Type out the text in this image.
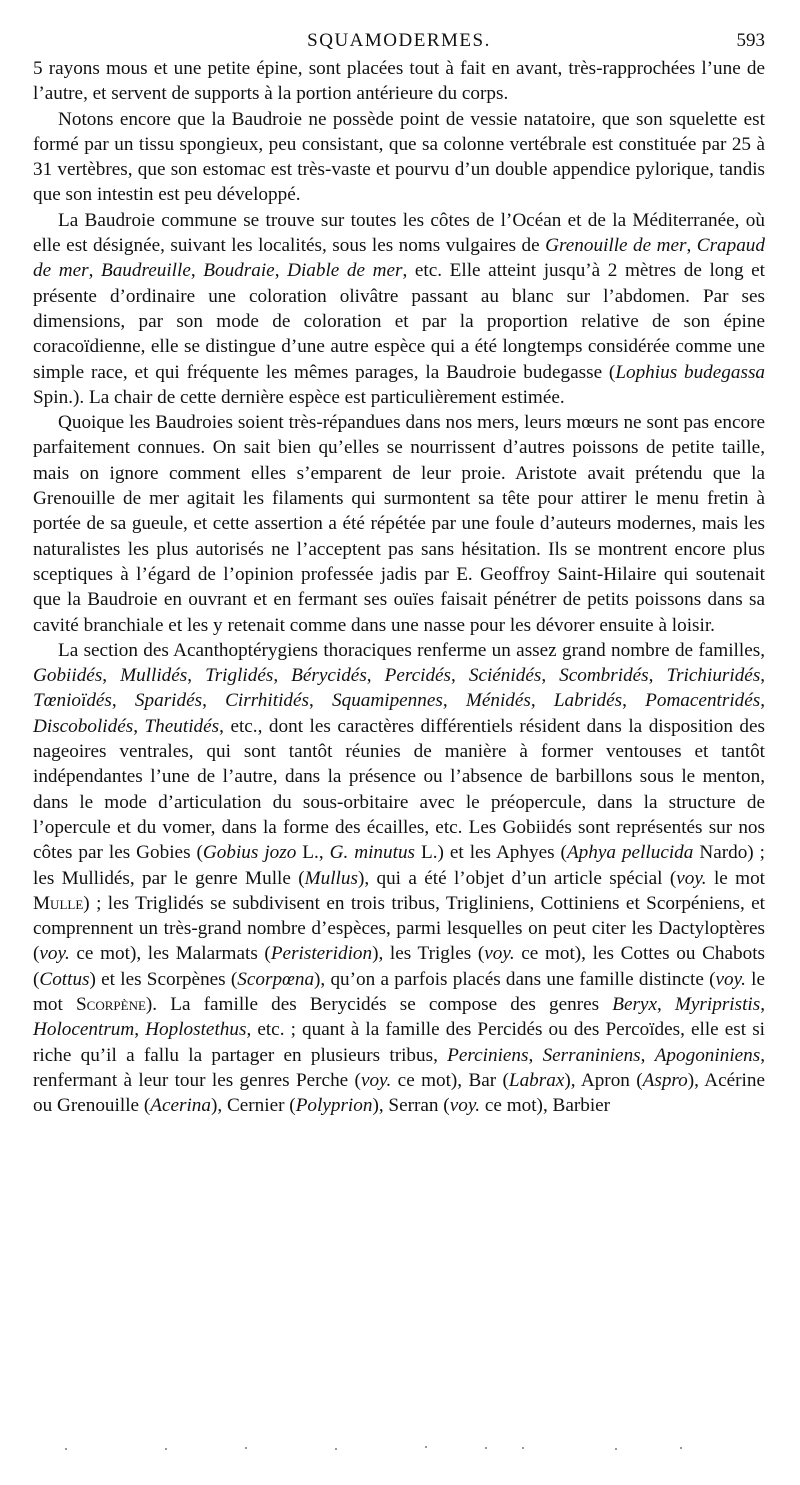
SQUAMODERMES.	593

5 rayons mous et une petite épine, sont placées tout à fait en avant, très-rapprochées l’une de l’autre, et servent de supports à la portion antérieure du corps.

Notons encore que la Baudroie ne possède point de vessie natatoire, que son squelette est formé par un tissu spongieux, peu consistant, que sa colonne vertébrale est constituée par 25 à 31 vertèbres, que son estomac est très-vaste et pourvu d’un double appendice pylorique, tandis que son intestin est peu développé.

La Baudroie commune se trouve sur toutes les côtes de l’Océan et de la Méditerranée, où elle est désignée, suivant les localités, sous les noms vulgaires de Grenouille de mer, Crapaud de mer, Baudreuille, Boudraie, Diable de mer, etc. Elle atteint jusqu’à 2 mètres de long et présente d’ordinaire une coloration olivâtre passant au blanc sur l’abdomen. Par ses dimensions, par son mode de coloration et par la proportion relative de son épine coracoïdienne, elle se distingue d’une autre espèce qui a été longtemps considérée comme une simple race, et qui fréquente les mêmes parages, la Baudroie budegasse (Lophius budegassa Spin.). La chair de cette dernière espèce est particulièrement estimée.

Quoique les Baudroies soient très-répandues dans nos mers, leurs mœurs ne sont pas encore parfaitement connues. On sait bien qu’elles se nourrissent d’autres poissons de petite taille, mais on ignore comment elles s’emparent de leur proie. Aristote avait prétendu que la Grenouille de mer agitait les filaments qui surmontent sa tête pour attirer le menu fretin à portée de sa gueule, et cette assertion a été répétée par une foule d’auteurs modernes, mais les naturalistes les plus autorisés ne l’acceptent pas sans hésitation. Ils se montrent encore plus sceptiques à l’égard de l’opinion professée jadis par E. Geoffroy Saint-Hilaire qui soutenait que la Baudroie en ouvrant et en fermant ses ouïes faisait pénétrer de petits poissons dans sa cavité branchiale et les y retenait comme dans une nasse pour les dévorer ensuite à loisir.

La section des Acanthoptérygiens thoraciques renferme un assez grand nombre de familles, Gobiidés, Mullidés, Triglidés, Bérycidés, Percidés, Sciénidés, Scombridés, Trichiuridés, Tœnioïdés, Sparidés, Cirrhitidés, Squamipennes, Ménidés, Labridés, Pomacentridés, Discobolidés, Theutidés, etc., dont les caractères différentiels résident dans la disposition des nageoires ventrales, qui sont tantôt réunies de manière à former ventouses et tantôt indépendantes l’une de l’autre, dans la présence ou l’absence de barbillons sous le menton, dans le mode d’articulation du sous-orbitaire avec le préopercule, dans la structure de l’opercule et du vomer, dans la forme des écailles, etc. Les Gobiidés sont représentés sur nos côtes par les Gobies (Gobius jozo L., G. minutus L.) et les Aphyes (Aphya pellucida Nardo) ; les Mullidés, par le genre Mulle (Mullus), qui a été l’objet d’un article spécial (voy. le mot Mulle) ; les Triglidés se subdivisent en trois tribus, Trigliniens, Cottiniens et Scorpéniens, et comprennent un très-grand nombre d’espèces, parmi lesquelles on peut citer les Dactyloptères (voy. ce mot), les Malarmats (Peristeridion), les Trigles (voy. ce mot), les Cottes ou Chabots (Cottus) et les Scorpènes (Scorpœna), qu’on a parfois placés dans une famille distincte (voy. le mot Scorpène). La famille des Berycidés se compose des genres Beryx, Myripristis, Holocentrum, Hoplostethus, etc. ; quant à la famille des Percidés ou des Percoïdes, elle est si riche qu’il a fallu la partager en plusieurs tribus, Perciniens, Serraniniens, Apogoniniens, renfermant à leur tour les genres Perche (voy. ce mot), Bar (Labrax), Apron (Aspro), Acérine ou Grenouille (Acerina), Cernier (Polyprion), Serran (voy. ce mot), Barbier
